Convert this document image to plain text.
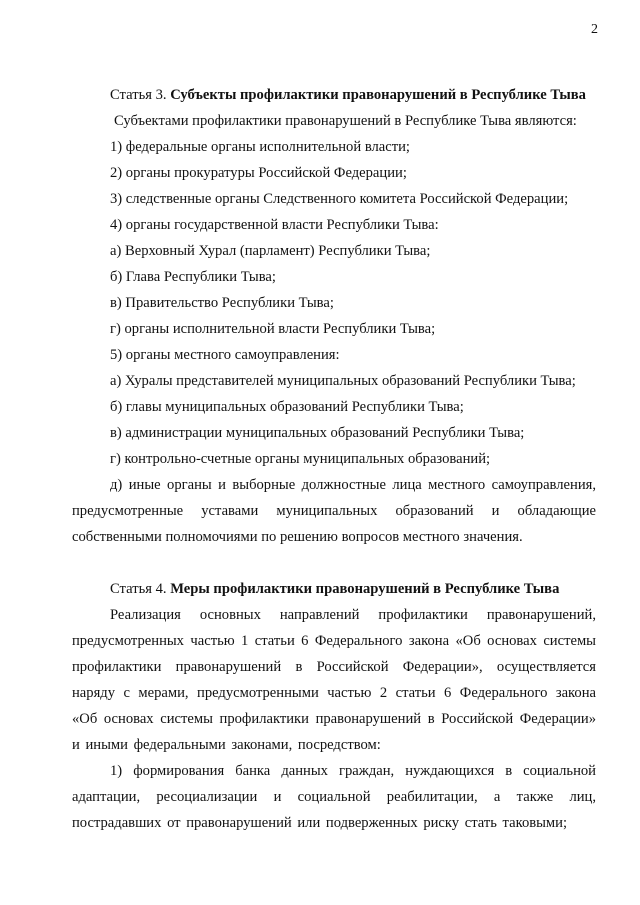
2
Статья 3. Субъекты профилактики правонарушений в Республике Тыва

Субъектами профилактики правонарушений в Республике Тыва являются:

1) федеральные органы исполнительной власти;

2) органы прокуратуры Российской Федерации;

3) следственные органы Следственного комитета Российской Федерации;

4) органы государственной власти Республики Тыва:

а) Верховный Хурал (парламент) Республики Тыва;

б) Глава Республики Тыва;

в) Правительство Республики Тыва;

г) органы исполнительной власти Республики Тыва;

5) органы местного самоуправления:

а) Хуралы представителей муниципальных образований Республики Тыва;

б) главы муниципальных образований Республики Тыва;

в) администрации муниципальных образований Республики Тыва;

г) контрольно-счетные органы муниципальных образований;

д) иные органы и выборные должностные лица местного самоуправления, предусмотренные уставами муниципальных образований и обладающие собственными полномочиями по решению вопросов местного значения.

Статья 4. Меры профилактики правонарушений в Республике Тыва

Реализация основных направлений профилактики правонарушений, предусмотренных частью 1 статьи 6 Федерального закона «Об основах системы профилактики правонарушений в Российской Федерации», осуществляется наряду с мерами, предусмотренными частью 2 статьи 6 Федерального закона «Об основах системы профилактики правонарушений в Российской Федерации» и иными федеральными законами, посредством:

1) формирования банка данных граждан, нуждающихся в социальной адаптации, ресоциализации и социальной реабилитации, а также лиц, пострадавших от правонарушений или подверженных риску стать таковыми;
